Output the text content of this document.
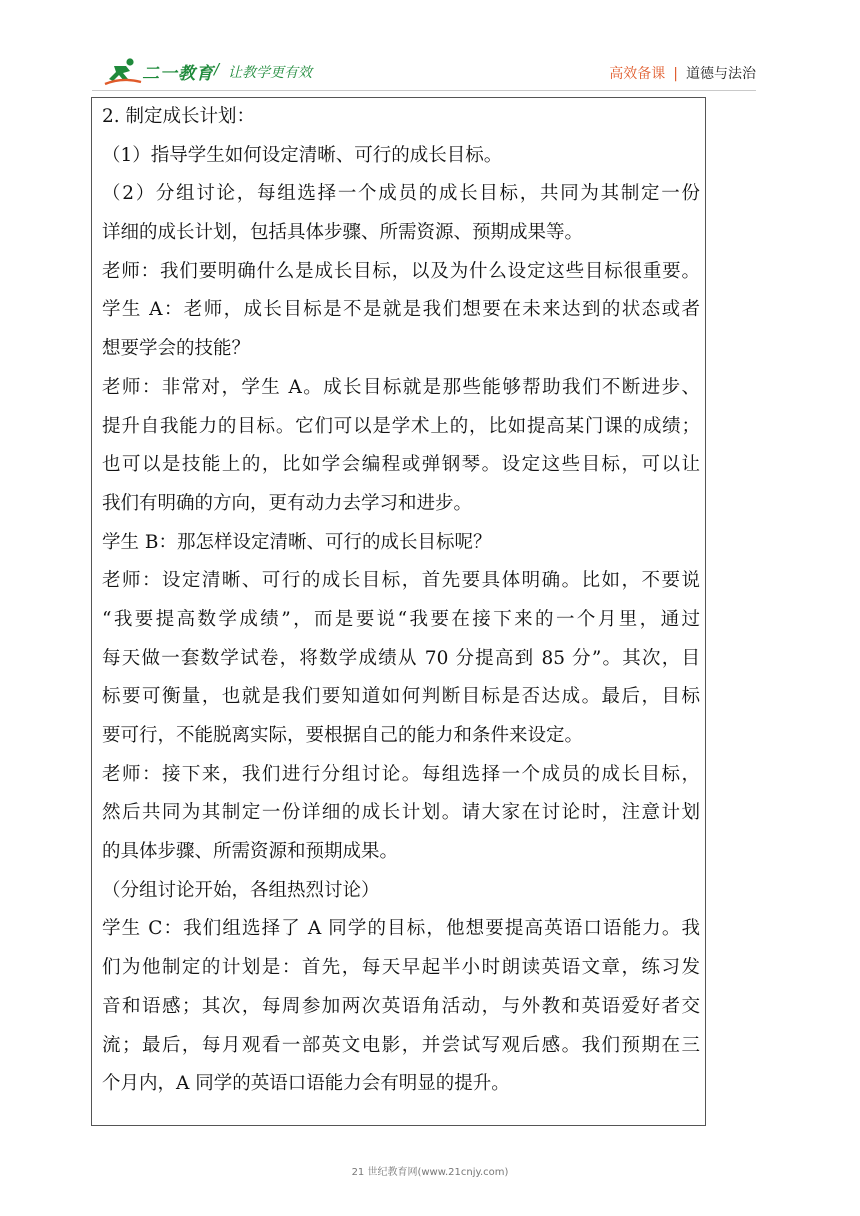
二一教育 / 让教学更有效	高效备课 | 道德与法治
2. 制定成长计划：
（1）指导学生如何设定清晰、可行的成长目标。
（2）分组讨论，每组选择一个成员的成长目标，共同为其制定一份
详细的成长计划，包括具体步骤、所需资源、预期成果等。
老师：我们要明确什么是成长目标，以及为什么设定这些目标很重要。
学生 A：老师，成长目标是不是就是我们想要在未来达到的状态或者
想要学会的技能？
老师：非常对，学生 A。成长目标就是那些能够帮助我们不断进步、
提升自我能力的目标。它们可以是学术上的，比如提高某门课的成绩；
也可以是技能上的，比如学会编程或弹钢琴。设定这些目标，可以让
我们有明确的方向，更有动力去学习和进步。
学生 B：那怎样设定清晰、可行的成长目标呢？
老师：设定清晰、可行的成长目标，首先要具体明确。比如，不要说
“我要提高数学成绩”，而是要说“我要在接下来的一个月里，通过
每天做一套数学试卷，将数学成绩从 70 分提高到 85 分”。其次，目
标要可衡量，也就是我们要知道如何判断目标是否达成。最后，目标
要可行，不能脱离实际，要根据自己的能力和条件来设定。
老师：接下来，我们进行分组讨论。每组选择一个成员的成长目标，
然后共同为其制定一份详细的成长计划。请大家在讨论时，注意计划
的具体步骤、所需资源和预期成果。
（分组讨论开始，各组热烈讨论）
学生 C：我们组选择了 A 同学的目标，他想要提高英语口语能力。我
们为他制定的计划是：首先，每天早起半小时朗读英语文章，练习发
音和语感；其次，每周参加两次英语角活动，与外教和英语爱好者交
流；最后，每月观看一部英文电影，并尝试写观后感。我们预期在三
个月内，A 同学的英语口语能力会有明显的提升。
21 世纪教育网(www.21cnjy.com)
